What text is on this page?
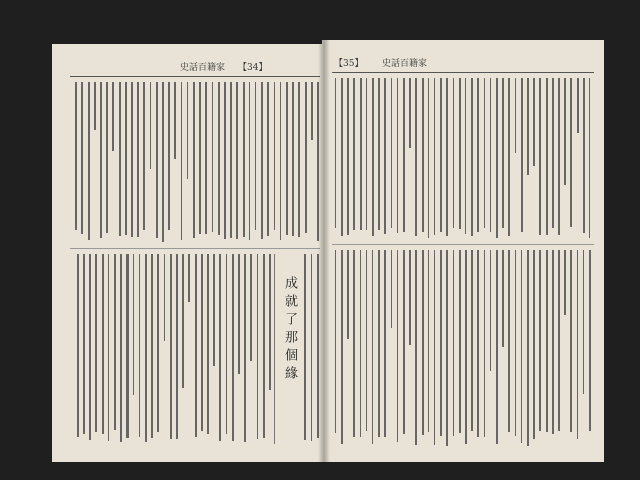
史話百籍家 【34】
成就了那個緣
【35】 史話百籍家
